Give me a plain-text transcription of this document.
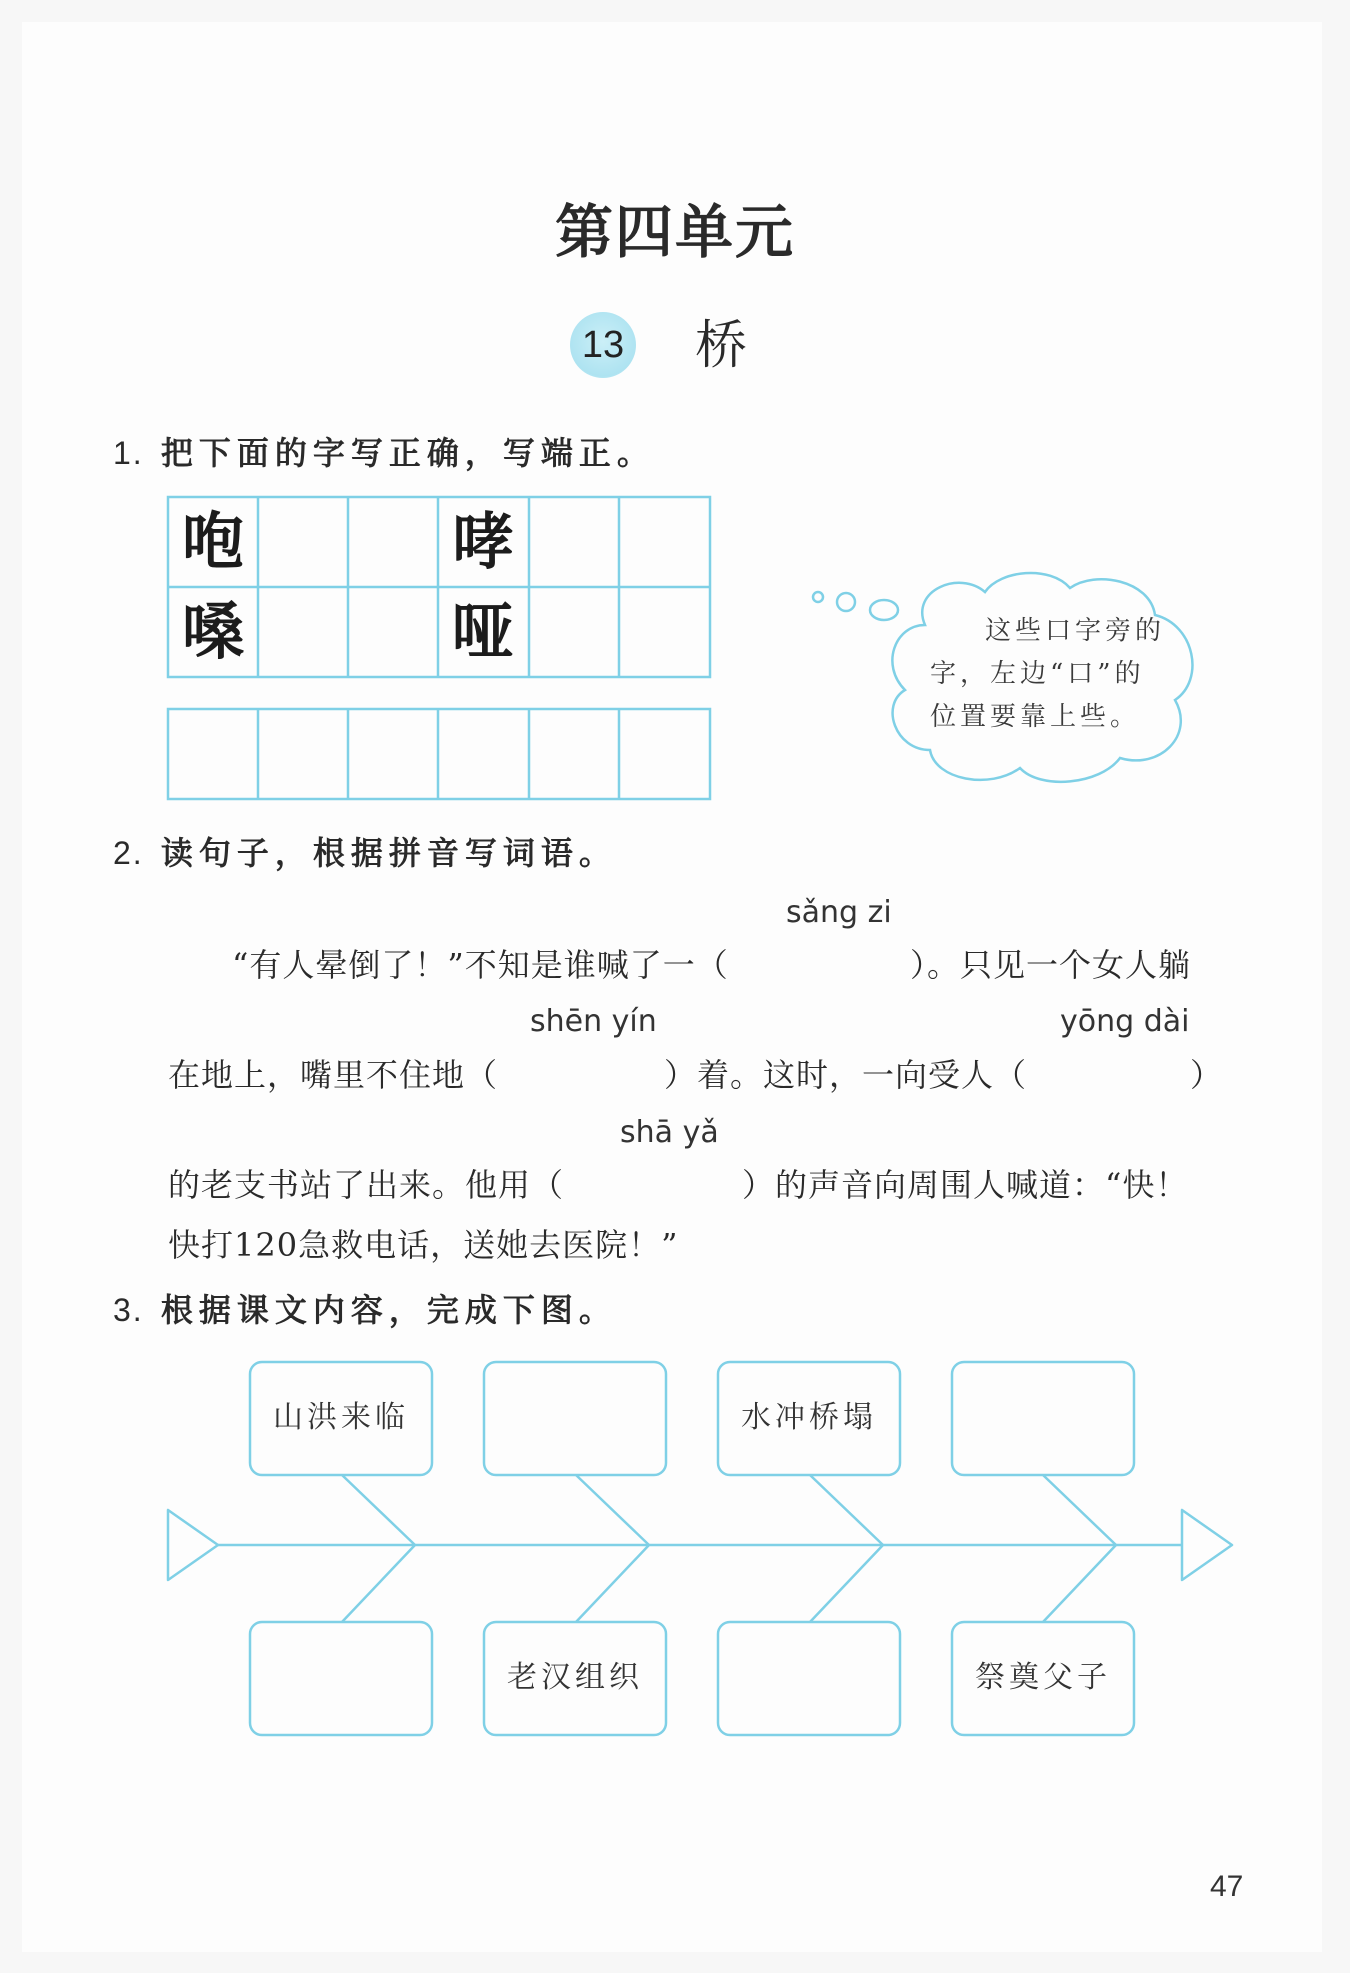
第四单元
13 桥
1. 把下面的字写正确，写端正。
咆	哮
嗓	哑	这些口字旁的
字，左边“口”的
位置要靠上些。
2. 读句子，根据拼音写词语。
sǎng zi
“有人晕倒了！”不知是谁喊了一（	）。只见一个女人躺
shēn yín	yōng dài
在地上，嘴里不住地（	）着。这时，一向受人（	）
shā yǎ
的老支书站了出来。他用（	）的声音向周围人喊道：“快！
快打120急救电话，送她去医院！”
3. 根据课文内容，完成下图。
山洪来临	水冲桥塌
老汉组织	祭奠父子
47
